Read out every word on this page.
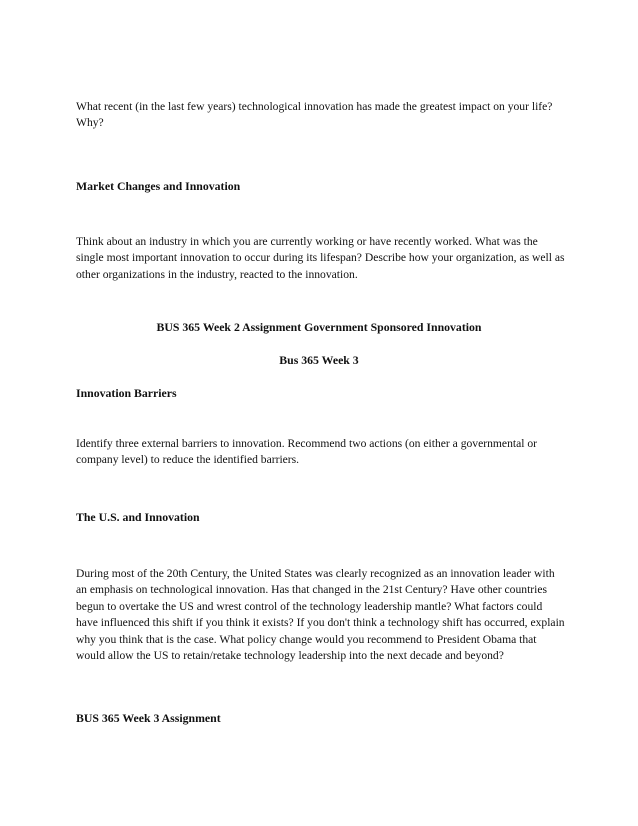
What recent (in the last few years) technological innovation has made the greatest impact on your life? Why?

Market Changes and Innovation

Think about an industry in which you are currently working or have recently worked. What was the single most important innovation to occur during its lifespan? Describe how your organization, as well as other organizations in the industry, reacted to the innovation.

BUS 365 Week 2 Assignment Government Sponsored Innovation

Bus 365 Week 3

Innovation Barriers

Identify three external barriers to innovation. Recommend two actions (on either a governmental or company level) to reduce the identified barriers.

The U.S. and Innovation

During most of the 20th Century, the United States was clearly recognized as an innovation leader with an emphasis on technological innovation. Has that changed in the 21st Century? Have other countries begun to overtake the US and wrest control of the technology leadership mantle? What factors could have influenced this shift if you think it exists? If you don't think a technology shift has occurred, explain why you think that is the case. What policy change would you recommend to President Obama that would allow the US to retain/retake technology leadership into the next decade and beyond?

BUS 365 Week 3 Assignment
